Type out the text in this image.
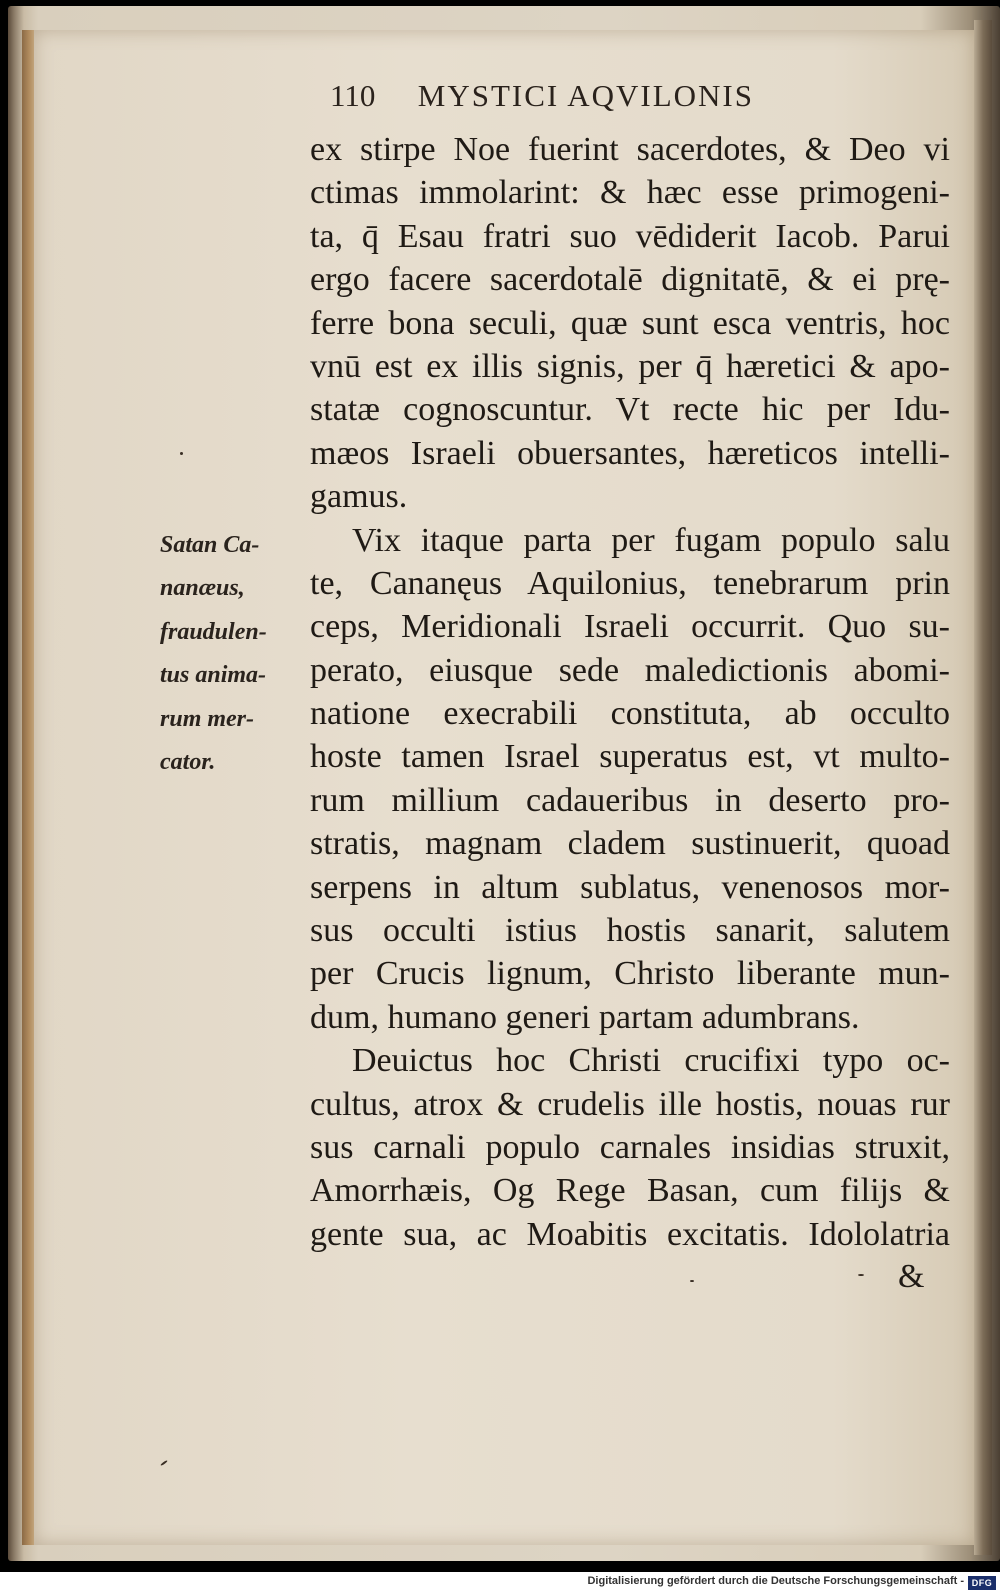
110 MYSTICI AQVILONIS
ex stirpe Noe fuerint sacerdotes, & Deo vi
ctimas immolarint: & hæc esse primogeni-
ta, q̄ Esau fratri suo vēdiderit Iacob. Parui
ergo facere sacerdotalē dignitatē, & ei prę-
ferre bona seculi, quæ sunt esca ventris, hoc
vnū est ex illis signis, per q̄ hæretici & apo-
statæ cognoscuntur. Vt recte hic per Idu-
mæos Israeli obuersantes, hæreticos intelli-
gamus.
Vix itaque parta per fugam populo salu
te, Cananęus Aquilonius, tenebrarum prin
ceps, Meridionali Israeli occurrit. Quo su-
perato, eiusque sede maledictionis abomi-
natione execrabili constituta, ab occulto
hoste tamen Israel superatus est, vt multo-
rum millium cadaueribus in deserto pro-
stratis, magnam cladem sustinuerit, quoad
serpens in altum sublatus, venenosos mor-
sus occulti istius hostis sanarit, salutem
per Crucis lignum, Christo liberante mun-
dum, humano generi partam adumbrans.
Deuictus hoc Christi crucifixi typo oc-
cultus, atrox & crudelis ille hostis, nouas rur
sus carnali populo carnales insidias struxit,
Amorrhæis, Og Rege Basan, cum filijs &
gente sua, ac Moabitis excitatis. Idololatria
Satan Ca-
nanæus,
fraudulen-
tus anima-
rum mer-
cator.
&
Digitalisierung gefördert durch die Deutsche Forschungsgemeinschaft - DFG
